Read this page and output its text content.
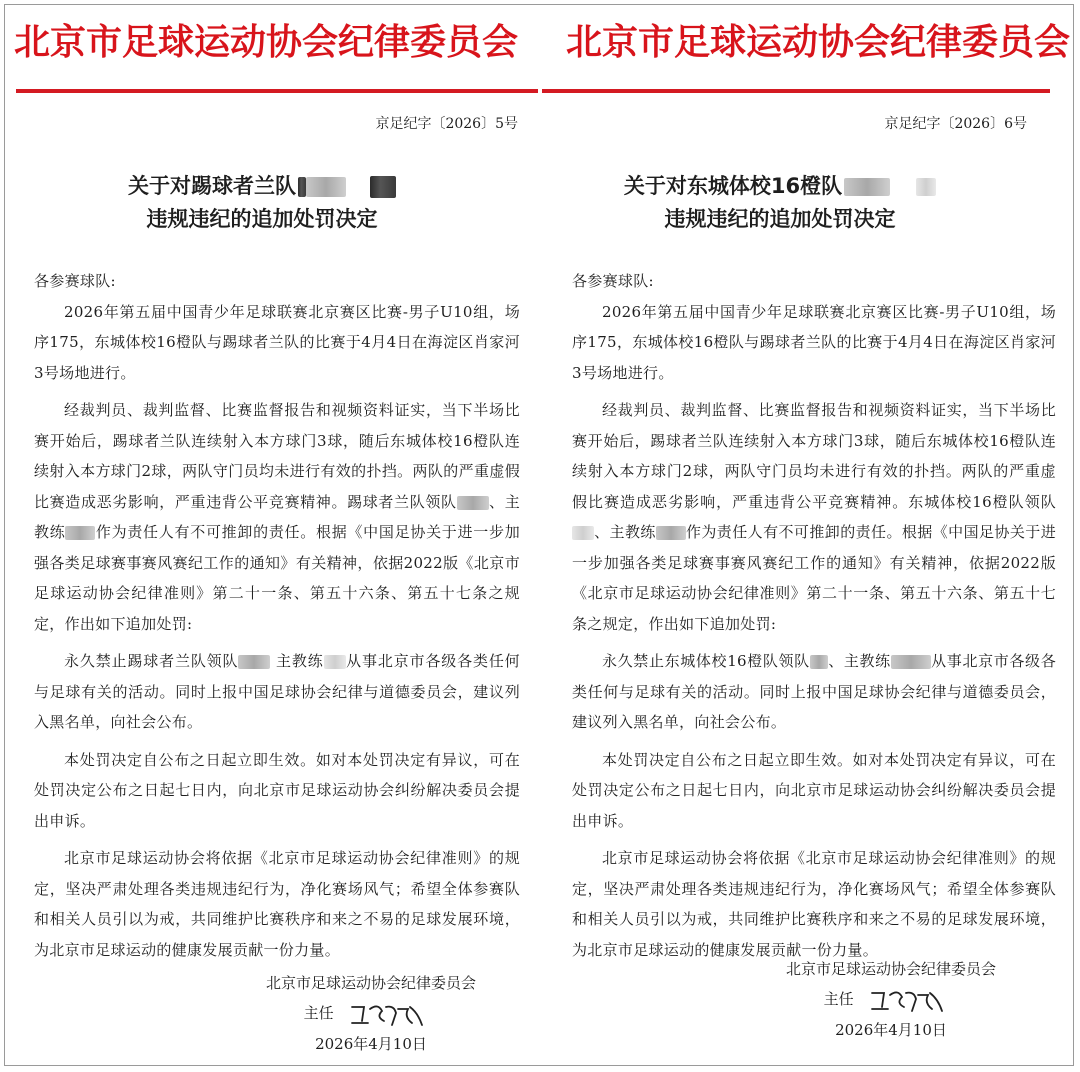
北京市足球运动协会纪律委员会
京足纪字〔2026〕5号
关于对踢球者兰队
违规违纪的追加处罚决定

各参赛球队:

2026年第五届中国青少年足球联赛北京赛区比赛-男子U10组，场序175，东城体校16橙队与踢球者兰队的比赛于4月4日在海淀区肖家河3号场地进行。

经裁判员、裁判监督、比赛监督报告和视频资料证实，当下半场比赛开始后，踢球者兰队连续射入本方球门3球，随后东城体校16橙队连续射入本方球门2球，两队守门员均未进行有效的扑挡。两队的严重虚假比赛造成恶劣影响，严重违背公平竞赛精神。踢球者兰队领队 、主教练 作为责任人有不可推卸的责任。根据《中国足协关于进一步加强各类足球赛事赛风赛纪工作的通知》有关精神，依据2022版《北京市足球运动协会纪律准则》第二十一条、第五十六条、第五十七条之规定，作出如下追加处罚:

永久禁止踢球者兰队领队	主教练 从事北京市各级各类任何与足球有关的活动。同时上报中国足球协会纪律与道德委员会，建议列入黑名单，向社会公布。

本处罚决定自公布之日起立即生效。如对本处罚决定有异议，可在处罚决定公布之日起七日内，向北京市足球运动协会纠纷解决委员会提出申诉。

北京市足球运动协会将依据《北京市足球运动协会纪律准则》的规定，坚决严肃处理各类违规违纪行为，净化赛场风气；希望全体参赛队和相关人员引以为戒，共同维护比赛秩序和来之不易的足球发展环境，为北京市足球运动的健康发展贡献一份力量。

北京市足球运动协会纪律委员会
主任
2026年4月10日
北京市足球运动协会纪律委员会
京足纪字〔2026〕6号
关于对东城体校16橙队
违规违纪的追加处罚决定

各参赛球队:

2026年第五届中国青少年足球联赛北京赛区比赛-男子U10组，场序175，东城体校16橙队与踢球者兰队的比赛于4月4日在海淀区肖家河3号场地进行。

经裁判员、裁判监督、比赛监督报告和视频资料证实，当下半场比赛开始后，踢球者兰队连续射入本方球门3球，随后东城体校16橙队连续射入本方球门2球，两队守门员均未进行有效的扑挡。两队的严重虚假比赛造成恶劣影响，严重违背公平竞赛精神。东城体校16橙队领队、主教练 作为责任人有不可推卸的责任。根据《中国足协关于进一步加强各类足球赛事赛风赛纪工作的通知》有关精神，依据2022版《北京市足球运动协会纪律准则》第二十一条、第五十六条、第五十七条之规定，作出如下追加处罚:

永久禁止东城体校16橙队领队 、主教练	从事北京市各级各类任何与足球有关的活动。同时上报中国足球协会纪律与道德委员会，建议列入黑名单，向社会公布。

本处罚决定自公布之日起立即生效。如对本处罚决定有异议，可在处罚决定公布之日起七日内，向北京市足球运动协会纠纷解决委员会提出申诉。

北京市足球运动协会将依据《北京市足球运动协会纪律准则》的规定，坚决严肃处理各类违规违纪行为，净化赛场风气；希望全体参赛队和相关人员引以为戒，共同维护比赛秩序和来之不易的足球发展环境，为北京市足球运动的健康发展贡献一份力量。

北京市足球运动协会纪律委员会
主任
2026年4月10日
